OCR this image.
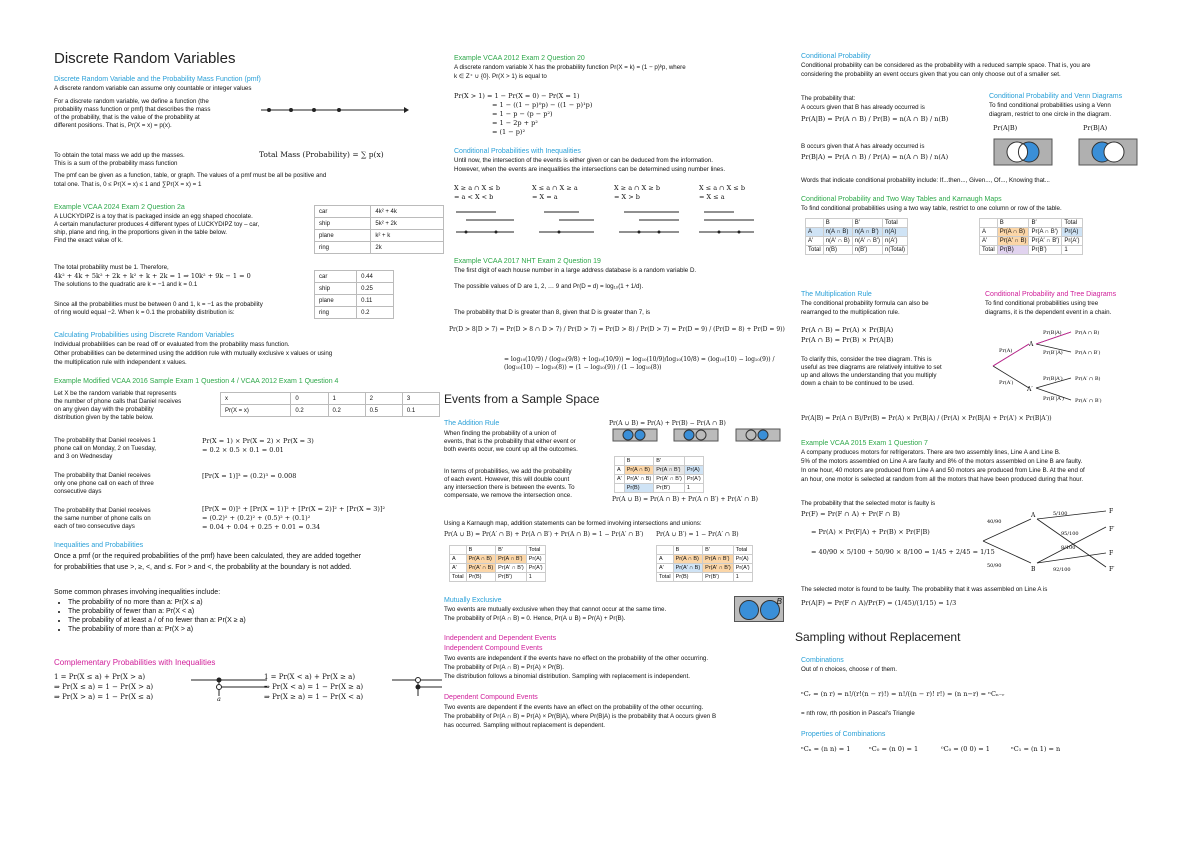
Discrete Random Variables
Discrete Random Variable and the Probability Mass Function (pmf)

A discrete random variable can assume only countable or integer values

For a discrete random variable, we define a function (the

probability mass function or pmf) that describes the mass

of the probability, that is the value of the probability at

different positions. That is, Pr(X = x) = p(x).

To obtain the total mass we add up the masses.

This is a sum of the probability mass function

Total Mass (Probability) = ∑ p(x)

The pmf can be given as a function, table, or graph. The values of a pmf must be all be positive and

total one. That is, 0 ≤ Pr(X = x) ≤ 1 and ∑Pr(X = x) = 1

Example VCAA 2024 Exam 2 Question 2a

A LUCKYDIPZ is a toy that is packaged inside an egg shaped chocolate.

A certain manufacturer produces 4 different types of LUCKYDIPZ toy – car,

ship, plane and ring, in the proportions given in the table below.

Find the exact value of k.

car	4k² + 4k
ship	5k² + 2k
plane	k² + k
ring	2k

The total probability must be 1. Therefore,

4k² + 4k + 5k² + 2k + k² + k + 2k = 1 ⇒ 10k² + 9k − 1 = 0

The solutions to the quadratic are k = −1 and k = 0.1

car	0.44
ship	0.25
plane	0.11
ring	0.2

Since all the probabilities must be between 0 and 1, k = −1 as the probability

of ring would equal −2. When k = 0.1 the probability distribution is:

Calculating Probabilities using Discrete Random Variables

Individual probabilities can be read off or evaluated from the probability mass function.

Other probabilities can be determined using the addition rule with mutually exclusive x values or using

the multiplication rule with independent x values.

Example Modified VCAA 2016 Sample Exam 1 Question 4 / VCAA 2012 Exam 1 Question 4

Let X be the random variable that represents

the number of phone calls that Daniel receives

on any given day with the probability

distribution given by the table below.

x	0	1	2	3
Pr(X = x)	0.2	0.2	0.5	0.1

The probability that Daniel receives 1

phone call on Monday, 2 on Tuesday,

and 3 on Wednesday

Pr(X = 1) × Pr(X = 2) × Pr(X = 3)
= 0.2 × 0.5 × 0.1 = 0.01

The probability that Daniel receives

only one phone call on each of three

consecutive days

[Pr(X = 1)]³ = (0.2)³ = 0.008

The probability that Daniel receives

the same number of phone calls on

each of two consecutive days

[Pr(X = 0)]² + [Pr(X = 1)]² + [Pr(X = 2)]² + [Pr(X = 3)]²
= (0.2)² + (0.2)² + (0.5)² + (0.1)²
= 0.04 + 0.04 + 0.25 + 0.01 = 0.34
Inequalities and Probabilities

Once a pmf (or the required probabilities of the pmf) have been calculated, they are added together

for probabilities that use >, ≥, <, and ≤. For > and <, the probability at the boundary is not added.

Some common phrases involving inequalities include:

• The probability of no more than a: Pr(X ≤ a)
• The probability of fewer than a: Pr(X < a)
• The probability of at least a / of no fewer than a: Pr(X ≥ a)
• The probability of more than a: Pr(X > a)
Complementary Probabilities with Inequalities
1 = Pr(X ≤ a) + Pr(X > a)
⇒ Pr(X ≤ a) = 1 − Pr(X > a)
⇒ Pr(X > a) = 1 − Pr(X ≤ a)	a
1 = Pr(X < a) + Pr(X ≥ a)
⇒ Pr(X < a) = 1 − Pr(X ≥ a)
⇒ Pr(X ≥ a) = 1 − Pr(X < a)
Example VCAA 2012 Exam 2 Question 20

A discrete random variable X has the probability function Pr(X = k) = (1 − p)ᵏp, where

k ∈ Z⁺ ∪ {0}. Pr(X > 1) is equal to

Pr(X > 1) = 1 − Pr(X = 0) − Pr(X = 1)
= 1 − ((1 − p)⁰p) − ((1 − p)¹p)
= 1 − p − (p − p²)
= 1 − 2p + p²
= (1 − p)²
Conditional Probabilities with Inequalities

Until now, the intersection of the events is either given or can be deduced from the information.

However, when the events are inequalities the intersections can be determined using number lines.

X ≥ a ∩ X ≤ b
= a < X < b
X ≤ a ∩ X ≥ a
= X = a
X ≥ a ∩ X ≥ b
= X > b
X ≤ a ∩ X ≤ b
= X ≤ a
Example VCAA 2017 NHT Exam 2 Question 19

The first digit of each house number in a large address database is a random variable D.

The possible values of D are 1, 2, … 9 and Pr(D = d) = log₁₀(1 + 1/d).

The probability that D is greater than 8, given that D is greater than 7, is

Pr(D > 8|D > 7) = Pr(D > 8 ∩ D > 7) / Pr(D > 7) = Pr(D > 8) / Pr(D > 7) = Pr(D = 9) / (Pr(D = 8) + Pr(D = 9))

= log₁₀(10/9) / (log₁₀(9/8) + log₁₀(10/9)) = log₁₀(10/9)/log₁₀(10/8) = (log₁₀(10) − log₁₀(9)) / (log₁₀(10) − log₁₀(8)) = (1 − log₁₀(9)) / (1 − log₁₀(8))

Events from a Sample Space
The Addition Rule	Pr(A ∪ B) = Pr(A) + Pr(B) − Pr(A ∩ B)

When finding the probability of a union of

events, that is the probability that either event or

both events occur, we count up all the outcomes.

In terms of probabilities, we add the probability

of each event. However, this will double count

any intersection there is between the events. To

compensate, we remove the intersection once.

	B	B′	
A	Pr(A ∩ B)	Pr(A ∩ B′)	Pr(A)
A′	Pr(A′ ∩ B)	Pr(A′ ∩ B′)	Pr(A′)
	Pr(B)	Pr(B′)	1
Pr(A ∪ B) = Pr(A ∩ B) + Pr(A ∩ B′) + Pr(A′ ∩ B)

Using a Karnaugh map, addition statements can be formed involving intersections and unions:

Pr(A ∪ B) = Pr(A′ ∩ B) + Pr(A ∩ B′) + Pr(A ∩ B) = 1 − Pr(A′ ∩ B′) Pr(A ∪ B′) = 1 − Pr(A′ ∩ B)
	B	B′	Total
A	Pr(A ∩ B)	Pr(A ∩ B′)	Pr(A)
A′	Pr(A′ ∩ B)	Pr(A′ ∩ B′)	Pr(A′)
Total	Pr(B)	Pr(B′)	1
	B	B′	Total
A	Pr(A ∩ B)	Pr(A ∩ B′)	Pr(A)
A′	Pr(A′ ∩ B)	Pr(A′ ∩ B′)	Pr(A′)
Total	Pr(B)	Pr(B′)	1
Mutually Exclusive

Two events are mutually exclusive when they that cannot occur at the same time.

The probability of Pr(A ∩ B) = 0. Hence, Pr(A ∪ B) = Pr(A) + Pr(B).

B
Independent and Dependent Events
Independent Compound Events

Two events are independent if the events have no effect on the probability of the other occurring.

The probability of Pr(A ∩ B) = Pr(A) × Pr(B).

The distribution follows a binomial distribution. Sampling with replacement is independent.

Dependent Compound Events

Two events are dependent if the events have an effect on the probability of the other occurring.

The probability of Pr(A ∩ B) = Pr(A) × Pr(B|A), where Pr(B|A) is the probability that A occurs given B

has occurred. Sampling without replacement is dependent.

Conditional Probability

Conditional probability can be considered as the probability with a reduced sample space. That is, you are

considering the probability an event occurs given that you can only choose out of a smaller set.

The probability that:

A occurs given that B has already occurred is

Pr(A|B) = Pr(A ∩ B) / Pr(B) = n(A ∩ B) / n(B)

B occurs given that A has already occurred is

Pr(B|A) = Pr(A ∩ B) / Pr(A) = n(A ∩ B) / n(A)

Words that indicate conditional probability include: If...then..., Given..., Of..., Knowing that...

Conditional Probability and Venn Diagrams

To find conditional probabilities using a Venn

diagram, restrict to one circle in the diagram.

Pr(A|B)	Pr(B|A)
Conditional Probability and Two Way Tables and Karnaugh Maps

To find conditional probabilities using a two way table, restrict to one column or row of the table.

	B	B′	Total
A	n(A ∩ B)	n(A ∩ B′)	n(A)
A′	n(A′ ∩ B)	n(A′ ∩ B′)	n(A′)
Total	n(B)	n(B′)	n(Total)
	B	B′	Total
A	Pr(A ∩ B)	Pr(A ∩ B′)	Pr(A)
A′	Pr(A′ ∩ B)	Pr(A′ ∩ B′)	Pr(A′)
Total	Pr(B)	Pr(B′)	1
The Multiplication Rule

The conditional probability formula can also be

rearranged to the multiplication rule.

Pr(A ∩ B) = Pr(A) × Pr(B|A)
Pr(A ∩ B) = Pr(B) × Pr(A|B)

To clarify this, consider the tree diagram. This is

useful as tree diagrams are relatively intuitive to set

up and allows the understanding that you multiply

down a chain to be continued to be used.

Conditional Probability and Tree Diagrams

To find conditional probabilities using tree

diagrams, it is the dependent event in a chain.

Pr(A)
Pr(A′)
Pr(B|A)
Pr(B′|A)
Pr(B|A′)
Pr(B′|A′)
Pr(A ∩ B)
Pr(A ∩ B′)
Pr(A′ ∩ B)
Pr(A′ ∩ B′)
A
A′
Pr(A|B) = Pr(A ∩ B)/Pr(B) = Pr(A) × Pr(B|A) / (Pr(A) × Pr(B|A) + Pr(A′) × Pr(B|A′))
Example VCAA 2015 Exam 1 Question 7

A company produces motors for refrigerators. There are two assembly lines, Line A and Line B.

5% of the motors assembled on Line A are faulty and 8% of the motors assembled on Line B are faulty.

In one hour, 40 motors are produced from Line A and 50 motors are produced from Line B. At the end of

an hour, one motor is selected at random from all the motors that have been produced during that hour.

The probability that the selected motor is faulty is

Pr(F) = Pr(F ∩ A) + Pr(F ∩ B)
= Pr(A) × Pr(F|A) + Pr(B) × Pr(F|B)
= 40/90 × 5/100 + 50/90 × 8/100 = 1/45 + 2/45 = 1/15
40/90
50/90
5/100
95/100
8/100
92/100
A
B
F
F′
F
F′

The selected motor is found to be faulty. The probability that it was assembled on Line A is

Pr(A|F) = Pr(F ∩ A)/Pr(F) = (1/45)/(1/15) = 1/3
Sampling without Replacement
Combinations

Out of n choices, choose r of them.

ⁿCᵣ = (n r) = n!/(r!(n − r)!) = n!/((n − r)! r!) = (n n−r) = ⁿCₙ₋ᵣ

= nth row, rth position in Pascal's Triangle

Properties of Combinations
ⁿCₙ = (n n) = 1	ⁿC₀ = (n 0) = 1	⁰C₀ = (0 0) = 1	ⁿC₁ = (n 1) = n
